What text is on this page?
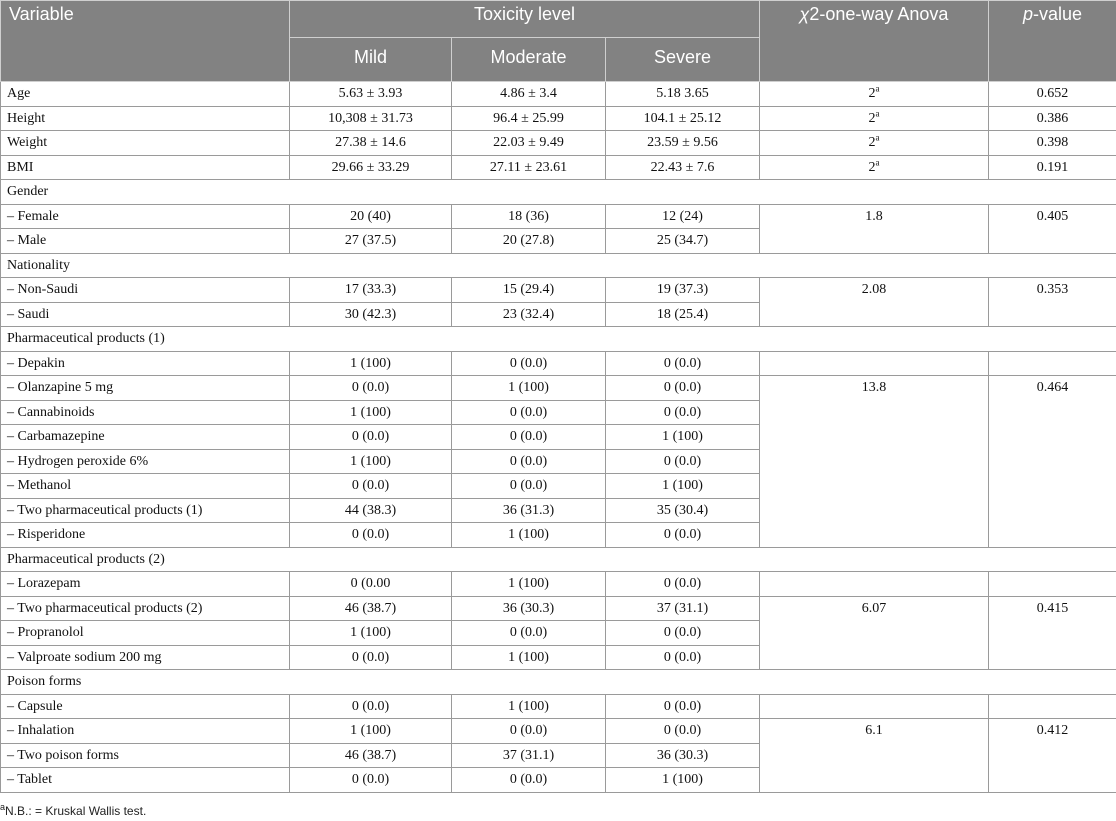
Variable	Toxicity level			χ2-one-way Anova	p-value
	Mild	Moderate	Severe		
Age	5.63 ± 3.93	4.86 ± 3.4	5.18 3.65	2$^a$	0.652
Height	10,308 ± 31.73	96.4 ± 25.99	104.1 ± 25.12	2$^a$	0.386
Weight	27.38 ± 14.6	22.03 ± 9.49	23.59 ± 9.56	2$^a$	0.398
BMI	29.66 ± 33.29	27.11 ± 23.61	22.43 ± 7.6	2$^a$	0.191
Gender					
– Female	20 (40)	18 (36)	12 (24)	1.8	0.405
– Male	27 (37.5)	20 (27.8)	25 (34.7)		
Nationality					
– Non-Saudi	17 (33.3)	15 (29.4)	19 (37.3)	2.08	0.353
– Saudi	30 (42.3)	23 (32.4)	18 (25.4)		
Pharmaceutical products (1)					
– Depakin	1 (100)	0 (0.0)	0 (0.0)		
– Olanzapine 5 mg	0 (0.0)	1 (100)	0 (0.0)	13.8	0.464
– Cannabinoids	1 (100)	0 (0.0)	0 (0.0)		
– Carbamazepine	0 (0.0)	0 (0.0)	1 (100)		
– Hydrogen peroxide 6%	1 (100)	0 (0.0)	0 (0.0)		
– Methanol	0 (0.0)	0 (0.0)	1 (100)		
– Two pharmaceutical products (1)	44 (38.3)	36 (31.3)	35 (30.4)		
– Risperidone	0 (0.0)	1 (100)	0 (0.0)		
Pharmaceutical products (2)					
– Lorazepam	0 (0.00	1 (100)	0 (0.0)		
– Two pharmaceutical products (2)	46 (38.7)	36 (30.3)	37 (31.1)	6.07	0.415
– Propranolol	1 (100)	0 (0.0)	0 (0.0)		
– Valproate sodium 200 mg	0 (0.0)	1 (100)	0 (0.0)		
Poison forms					
– Capsule	0 (0.0)	1 (100)	0 (0.0)		
– Inhalation	1 (100)	0 (0.0)	0 (0.0)	6.1	0.412
– Two poison forms	46 (38.7)	37 (31.1)	36 (30.3)		
– Tablet	0 (0.0)	0 (0.0)	1 (100)		
$^a$N.B.: = Kruskal Wallis test.
